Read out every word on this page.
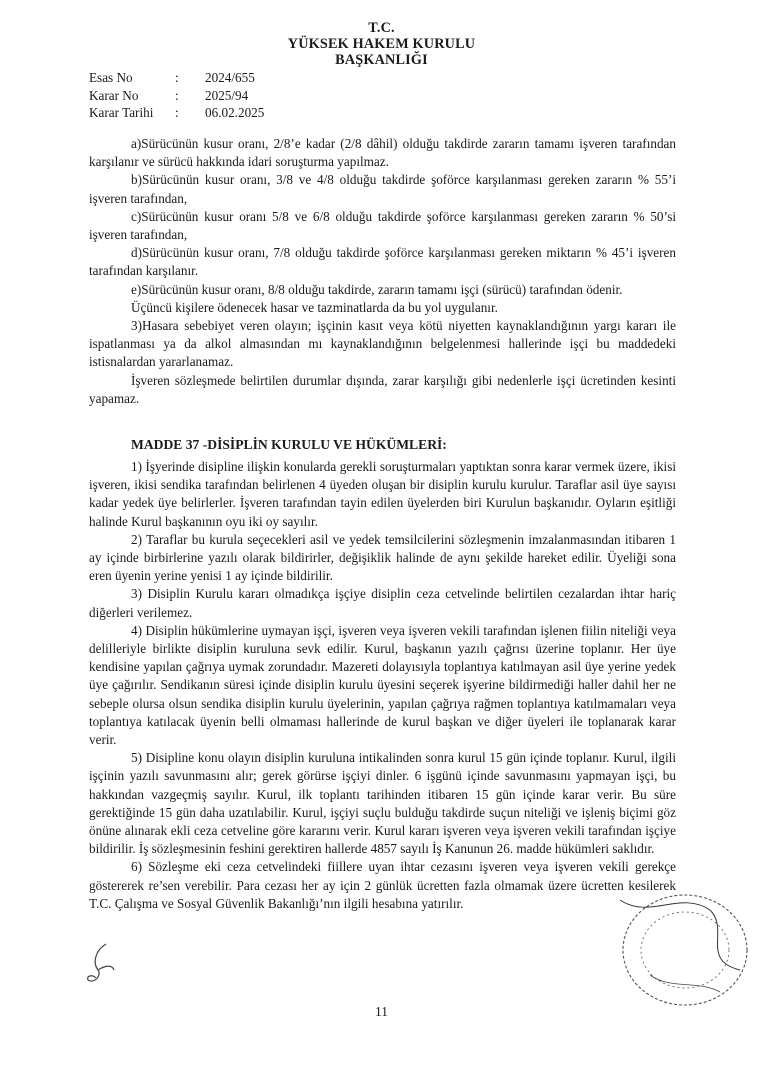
T.C.
YÜKSEK HAKEM KURULU
BAŞKANLIĞI
Esas No	:	2024/655
Karar No	:	2025/94
Karar Tarihi	:	06.02.2025

a)Sürücünün kusur oranı, 2/8’e kadar (2/8 dâhil) olduğu takdirde zararın tamamı işveren tarafından karşılanır ve sürücü hakkında idari soruşturma yapılmaz.

b)Sürücünün kusur oranı, 3/8 ve 4/8 olduğu takdirde şoförce karşılanması gereken zararın % 55’i işveren tarafından,

c)Sürücünün kusur oranı 5/8 ve 6/8 olduğu takdirde şoförce karşılanması gereken zararın % 50’si işveren tarafından,

d)Sürücünün kusur oranı, 7/8 olduğu takdirde şoförce karşılanması gereken miktarın % 45’i işveren tarafından karşılanır.

e)Sürücünün kusur oranı, 8/8 olduğu takdirde, zararın tamamı işçi (sürücü) tarafından ödenir.

Üçüncü kişilere ödenecek hasar ve tazminatlarda da bu yol uygulanır.

3)Hasara sebebiyet veren olayın; işçinin kasıt veya kötü niyetten kaynaklandığının yargı kararı ile ispatlanması ya da alkol almasından mı kaynaklandığının belgelenmesi hallerinde işçi bu maddedeki istisnalardan yararlanamaz.

İşveren sözleşmede belirtilen durumlar dışında, zarar karşılığı gibi nedenlerle işçi ücretinden kesinti yapamaz.

MADDE 37 -DİSİPLİN KURULU VE HÜKÜMLERİ:

1) İşyerinde disipline ilişkin konularda gerekli soruşturmaları yaptıktan sonra karar vermek üzere, ikisi işveren, ikisi sendika tarafından belirlenen 4 üyeden oluşan bir disiplin kurulu kurulur. Taraflar asil üye sayısı kadar yedek üye belirlerler. İşveren tarafından tayin edilen üyelerden biri Kurulun başkanıdır. Oyların eşitliği halinde Kurul başkanının oyu iki oy sayılır.

2) Taraflar bu kurula seçecekleri asil ve yedek temsilcilerini sözleşmenin imzalanmasından itibaren 1 ay içinde birbirlerine yazılı olarak bildirirler, değişiklik halinde de aynı şekilde hareket edilir. Üyeliği sona eren üyenin yerine yenisi 1 ay içinde bildirilir.

3) Disiplin Kurulu kararı olmadıkça işçiye disiplin ceza cetvelinde belirtilen cezalardan ihtar hariç diğerleri verilemez.

4) Disiplin hükümlerine uymayan işçi, işveren veya işveren vekili tarafından işlenen fiilin niteliği veya delilleriyle birlikte disiplin kuruluna sevk edilir. Kurul, başkanın yazılı çağrısı üzerine toplanır. Her üye kendisine yapılan çağrıya uymak zorundadır. Mazereti dolayısıyla toplantıya katılmayan asil üye yerine yedek üye çağırılır. Sendikanın süresi içinde disiplin kurulu üyesini seçerek işyerine bildirmediği haller dahil her ne sebeple olursa olsun sendika disiplin kurulu üyelerinin, yapılan çağrıya rağmen toplantıya katılmamaları veya toplantıya katılacak üyenin belli olmaması hallerinde de kurul başkan ve diğer üyeleri ile toplanarak karar verir.

5) Disipline konu olayın disiplin kuruluna intikalinden sonra kurul 15 gün içinde toplanır. Kurul, ilgili işçinin yazılı savunmasını alır; gerek görürse işçiyi dinler. 6 işgünü içinde savunmasını yapmayan işçi, bu hakkından vazgeçmiş sayılır. Kurul, ilk toplantı tarihinden itibaren 15 gün içinde karar verir. Bu süre gerektiğinde 15 gün daha uzatılabilir. Kurul, işçiyi suçlu bulduğu takdirde suçun niteliği ve işleniş biçimi göz önüne alınarak ekli ceza cetveline göre kararını verir. Kurul kararı işveren veya işveren vekili tarafından işçiye bildirilir. İş sözleşmesinin feshini gerektiren hallerde 4857 sayılı İş Kanunun 26. madde hükümleri saklıdır.

6) Sözleşme eki ceza cetvelindeki fiillere uyan ihtar cezasını işveren veya işveren vekili gerekçe göstererek re’sen verebilir. Para cezası her ay için 2 günlük ücretten fazla olmamak üzere ücretten kesilerek T.C. Çalışma ve Sosyal Güvenlik Bakanlığı’nın ilgili hesabına yatırılır.

11
